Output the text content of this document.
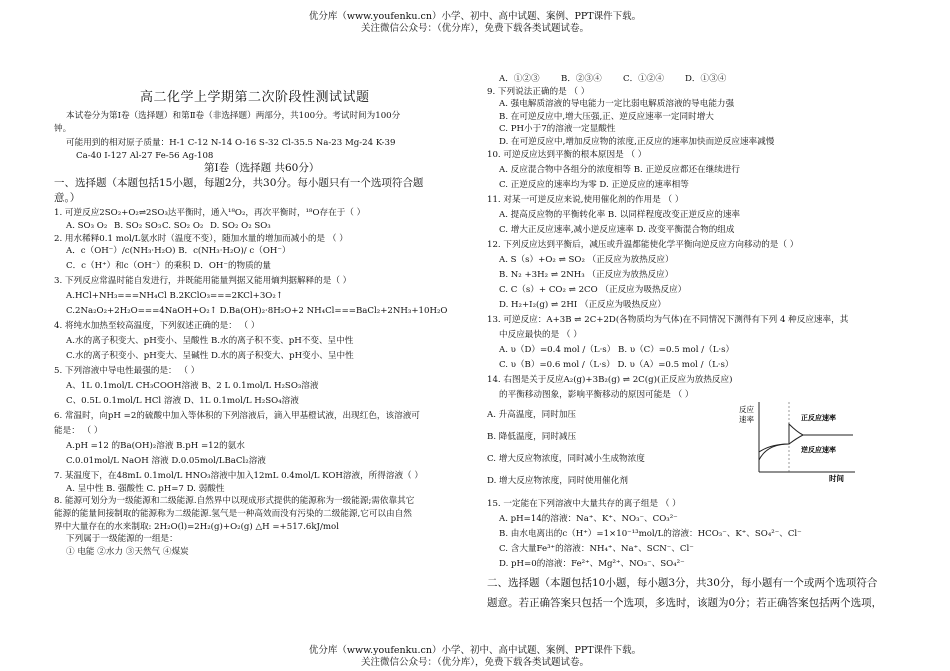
优分库（www.youfenku.cn）小学、初中、高中试题、案例、PPT课件下载。
关注微信公众号：（优分库），免费下载各类试题试卷。
高二化学上学期第二次阶段性测试试题
本试卷分为第Ⅰ卷（选择题）和第Ⅱ卷（非选择题）两部分，共100分。考试时间为100分
钟。
可能用到的相对原子质量：H-1 C-12 N-14 O-16 S-32 Cl-35.5 Na-23 Mg-24 K-39
Ca-40 I-127 Al-27 Fe-56 Ag-108
第Ⅰ卷（选择题 共60分）
一、选择题（本题包括15小题，每题2分，共30分。每小题只有一个选项符合题
意。）
1. 可逆反应2SO₂+O₂⇌2SO₃达平衡时，通入¹⁸O₂，再次平衡时，¹⁸O存在于（ ）
A. SO₃ O₂ B. SO₂ SO₃C. SO₂ O₂ D. SO₂ O₂ SO₃
2. 用水稀释0.1 mol/L氨水时（温度不变），随加水量的增加而减小的是 （ ）
A．c（OH⁻）/c(NH₃·H₂O) B．c(NH₃·H₂O)/ c（OH⁻）
C．c（H⁺）和c（OH⁻）的乘积 D．OH⁻的物质的量
3. 下列反应常温时能自发进行，并既能用能量判据又能用熵判据解释的是（ ）
A.HCl+NH₃===NH₄Cl B.2KClO₃===2KCl+3O₂↑
C.2Na₂O₂+2H₂O===4NaOH+O₂↑ D.Ba(OH)₂·8H₂O+2 NH₄Cl===BaCl₂+2NH₃+10H₂O
4. 将纯水加热至较高温度，下列叙述正确的是： （ ）
A.水的离子积变大、pH变小、呈酸性 B.水的离子积不变、pH不变、呈中性
C.水的离子积变小、pH变大、呈碱性 D.水的离子积变大、pH变小、呈中性
5. 下列溶液中导电性最强的是： （ ）
A、1L 0.1mol/L CH₃COOH溶液 B、2 L 0.1mol/L H₂SO₃溶液
C、0.5L 0.1mol/L HCl 溶液 D、1L 0.1mol/L H₂SO₄溶液
6. 常温时，向pH =2的硫酸中加入等体积的下列溶液后，滴入甲基橙试液，出现红色，该溶液可
能是： （ ）
A.pH =12 的Ba(OH)₂溶液 B.pH =12的氨水
C.0.01mol/L NaOH 溶液 D.0.05mol/LBaCl₂溶液
7. 某温度下，在48mL 0.1mol/L HNO₃溶液中加入12mL 0.4mol/L KOH溶液，所得溶液（ ）
A. 呈中性 B. 强酸性 C. pH=7 D. 弱酸性
8. 能源可划分为一级能源和二级能源.自然界中以现成形式提供的能源称为一级能源;需依靠其它
能源的能量间接制取的能源称为二级能源.氢气是一种高效而没有污染的二级能源,它可以由自然
界中大量存在的水来制取: 2H₂O(l)=2H₂(g)+O₂(g) △H =+517.6kJ/mol
下列属于一级能源的一组是：
① 电能 ②水力 ③天然气 ④煤炭
A．①②③ B．②③④ C．①②④ D．①③④
9. 下列说法正确的是 （ ）
A. 强电解质溶液的导电能力一定比弱电解质溶液的导电能力强
B. 在可逆反应中,增大压强,正、逆反应速率一定同时增大
C. PH小于7的溶液一定显酸性
D. 在可逆反应中,增加反应物的浓度,正反应的速率加快而逆反应速率减慢
10. 可逆反应达到平衡的根本原因是 （ ）
A. 反应混合物中各组分的浓度相等 B. 正逆反应都还在继续进行
C. 正逆反应的速率均为零 D. 正逆反应的速率相等
11. 对某一可逆反应来说,使用催化剂的作用是 （ ）
A. 提高反应物的平衡转化率 B. 以同样程度改变正逆反应的速率
C. 增大正反应速率,减小逆反应速率 D. 改变平衡混合物的组成
12. 下列反应达到平衡后，减压或升温都能使化学平衡向逆反应方向移动的是（ ）
A. S（s）+O₂ ⇌ SO₂ （正反应为放热反应）
B. N₂ +3H₂ ⇌ 2NH₃ （正反应为放热反应）
C. C（s）+ CO₂ ⇌ 2CO （正反应为吸热反应）
D. H₂+I₂(g) ⇌ 2HI （正反应为吸热反应）
13. 可逆反应：A+3B ⇌ 2C+2D(各物质均为气体)在不同情况下测得有下列 4 种反应速率，其
中反应最快的是 （ ）
A. υ（D）=0.4 mol /（L·s） B. υ（C）=0.5 mol /（L·s）
C. υ（B）=0.6 mol /（L·s） D. υ（A）=0.5 mol /（L·s）
14. 右图是关于反应A₂(g)+3B₂(g) ⇌ 2C(g)(正反应为放热反应)
的平衡移动图象，影响平衡移动的原因可能是 （ ）
A. 升高温度，同时加压
B. 降低温度，同时减压
C. 增大反应物浓度，同时减小生成物浓度
D. 增大反应物浓度，同时使用催化剂
15. 一定能在下列溶液中大量共存的离子组是 （ ）
A. pH=14的溶液：Na⁺、K⁺、NO₃⁻、CO₃²⁻
B. 由水电离出的c（H⁺）=1×10⁻¹³mol/L的溶液：HCO₃⁻、K⁺、SO₄²⁻、Cl⁻
C. 含大量Fe³⁺的溶液：NH₄⁺、Na⁺、SCN⁻、Cl⁻
D. pH=0的溶液：Fe²⁺、Mg²⁺、NO₃⁻、SO₄²⁻
二、选择题（本题包括10小题，每小题3分，共30分，每小题有一个或两个选项符合
题意。若正确答案只包括一个选项，多选时，该题为0分；若正确答案包括两个选项，
反应
速率
时间
正反应速率
逆反应速率
优分库（www.youfenku.cn）小学、初中、高中试题、案例、PPT课件下载。
关注微信公众号：（优分库），免费下载各类试题试卷。
